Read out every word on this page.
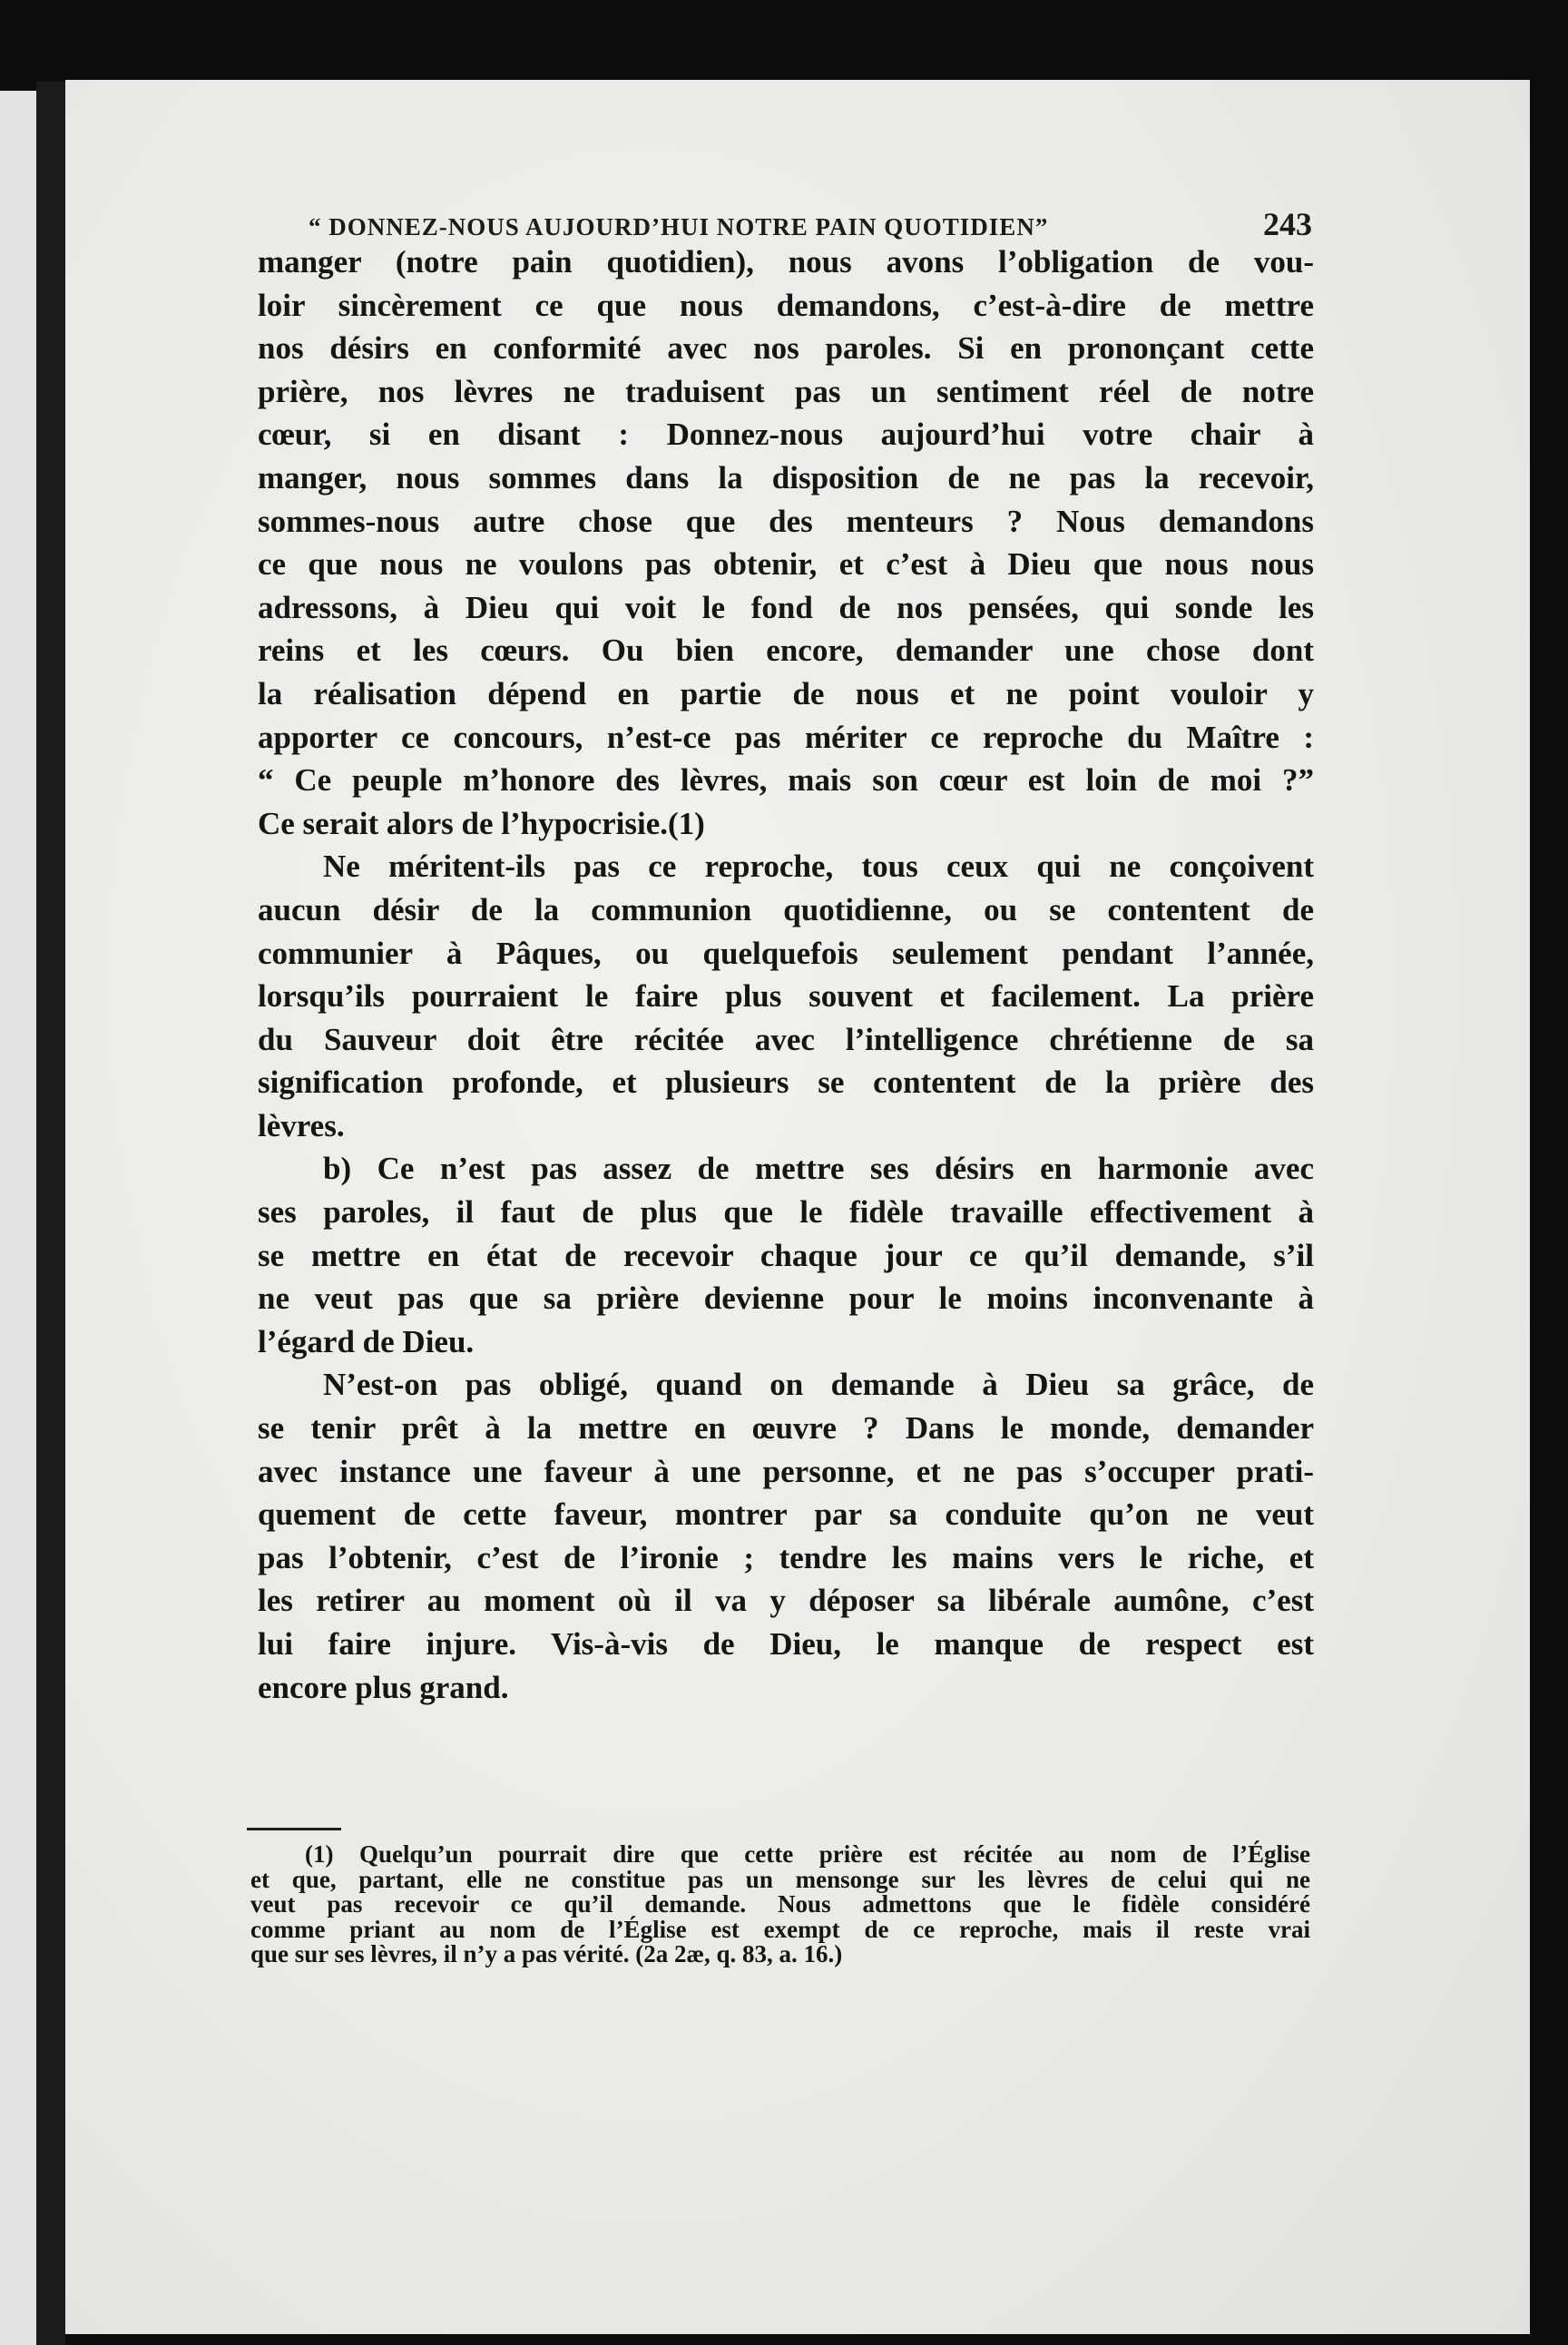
“ DONNEZ-NOUS AUJOURD’HUI NOTRE PAIN QUOTIDIEN”	243

manger (notre pain quotidien), nous avons l’obligation de vou-
loir sincèrement ce que nous demandons, c’est-à-dire de mettre
nos désirs en conformité avec nos paroles. Si en prononçant cette
prière, nos lèvres ne traduisent pas un sentiment réel de notre
cœur, si en disant : Donnez-nous aujourd’hui votre chair à
manger, nous sommes dans la disposition de ne pas la recevoir,
sommes-nous autre chose que des menteurs ? Nous demandons
ce que nous ne voulons pas obtenir, et c’est à Dieu que nous nous
adressons, à Dieu qui voit le fond de nos pensées, qui sonde les
reins et les cœurs. Ou bien encore, demander une chose dont
la réalisation dépend en partie de nous et ne point vouloir y
apporter ce concours, n’est-ce pas mériter ce reproche du Maître :
“ Ce peuple m’honore des lèvres, mais son cœur est loin de moi ?”
Ce serait alors de l’hypocrisie.(1)

Ne méritent-ils pas ce reproche, tous ceux qui ne conçoivent
aucun désir de la communion quotidienne, ou se contentent de
communier à Pâques, ou quelquefois seulement pendant l’année,
lorsqu’ils pourraient le faire plus souvent et facilement. La prière
du Sauveur doit être récitée avec l’intelligence chrétienne de sa
signification profonde, et plusieurs se contentent de la prière des
lèvres.

b) Ce n’est pas assez de mettre ses désirs en harmonie avec
ses paroles, il faut de plus que le fidèle travaille effectivement à
se mettre en état de recevoir chaque jour ce qu’il demande, s’il
ne veut pas que sa prière devienne pour le moins inconvenante à
l’égard de Dieu.

N’est-on pas obligé, quand on demande à Dieu sa grâce, de
se tenir prêt à la mettre en œuvre ? Dans le monde, demander
avec instance une faveur à une personne, et ne pas s’occuper prati-
quement de cette faveur, montrer par sa conduite qu’on ne veut
pas l’obtenir, c’est de l’ironie ; tendre les mains vers le riche, et
les retirer au moment où il va y déposer sa libérale aumône, c’est
lui faire injure. Vis-à-vis de Dieu, le manque de respect est
encore plus grand.

(1) Quelqu’un pourrait dire que cette prière est récitée au nom de l’Église
et que, partant, elle ne constitue pas un mensonge sur les lèvres de celui qui ne
veut pas recevoir ce qu’il demande. Nous admettons que le fidèle considéré
comme priant au nom de l’Église est exempt de ce reproche, mais il reste vrai
que sur ses lèvres, il n’y a pas vérité. (2a 2æ, q. 83, a. 16.)
